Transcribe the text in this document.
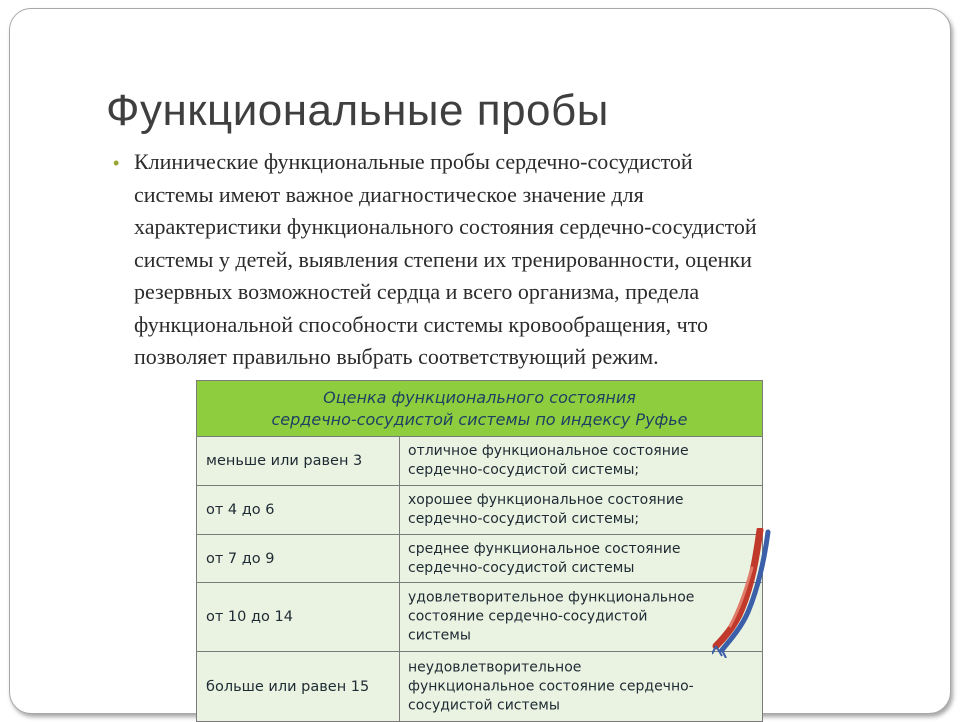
Функциональные пробы
• Клинические функциональные пробы сердечно-сосудистой
системы имеют важное диагностическое значение для
характеристики функционального состояния сердечно-сосудистой
системы у детей, выявления степени их тренированности, оценки
резервных возможностей сердца и всего организма, предела
функциональной способности системы кровообращения, что
позволяет правильно выбрать соответствующий режим.
Оценка функционального состояния
сердечно-сосудистой системы по индексу Руфье
меньше или равен 3
отличное функциональное состояние
сердечно-сосудистой системы;
от 4 до 6
хорошее функциональное состояние
сердечно-сосудистой системы;
от 7 до 9
среднее функциональное состояние
сердечно-сосудистой системы
от 10 до 14
удовлетворительное функциональное
состояние сердечно-сосудистой
системы
больше или равен 15
неудовлетворительное
функциональное состояние сердечно-
сосудистой системы
